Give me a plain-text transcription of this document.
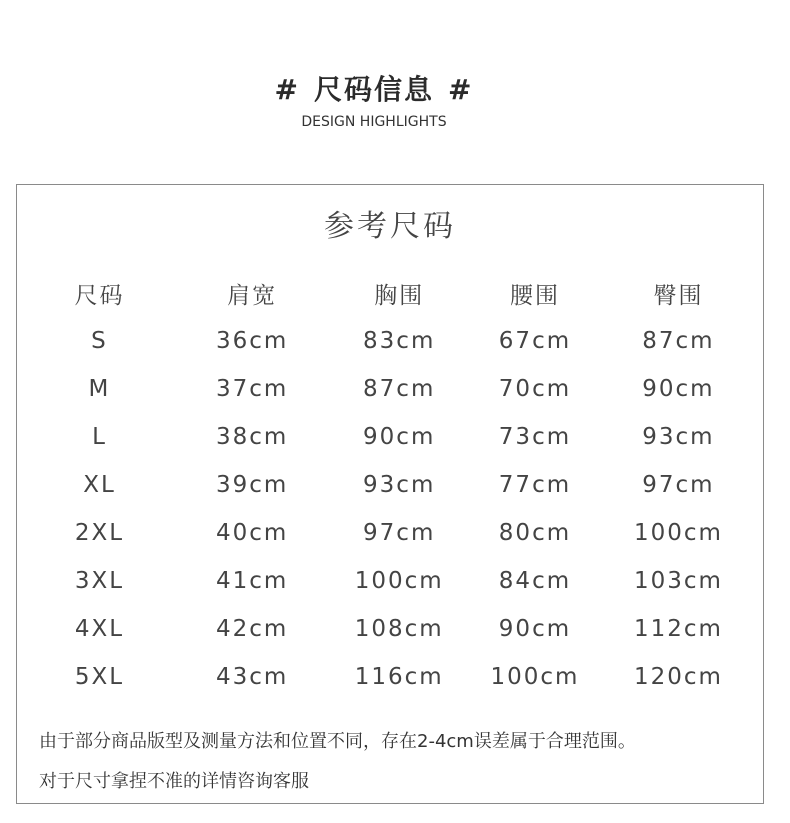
# 尺码信息 #
DESIGN HIGHLIGHTS
参考尺码
尺码	肩宽	胸围	腰围	臀围
S	36cm	83cm	67cm	87cm
M	37cm	87cm	70cm	90cm
L	38cm	90cm	73cm	93cm
XL	39cm	93cm	77cm	97cm
2XL	40cm	97cm	80cm	100cm
3XL	41cm	100cm	84cm	103cm
4XL	42cm	108cm	90cm	112cm
5XL	43cm	116cm	100cm	120cm
由于部分商品版型及测量方法和位置不同，存在2-4cm误差属于合理范围。
对于尺寸拿捏不准的详情咨询客服
